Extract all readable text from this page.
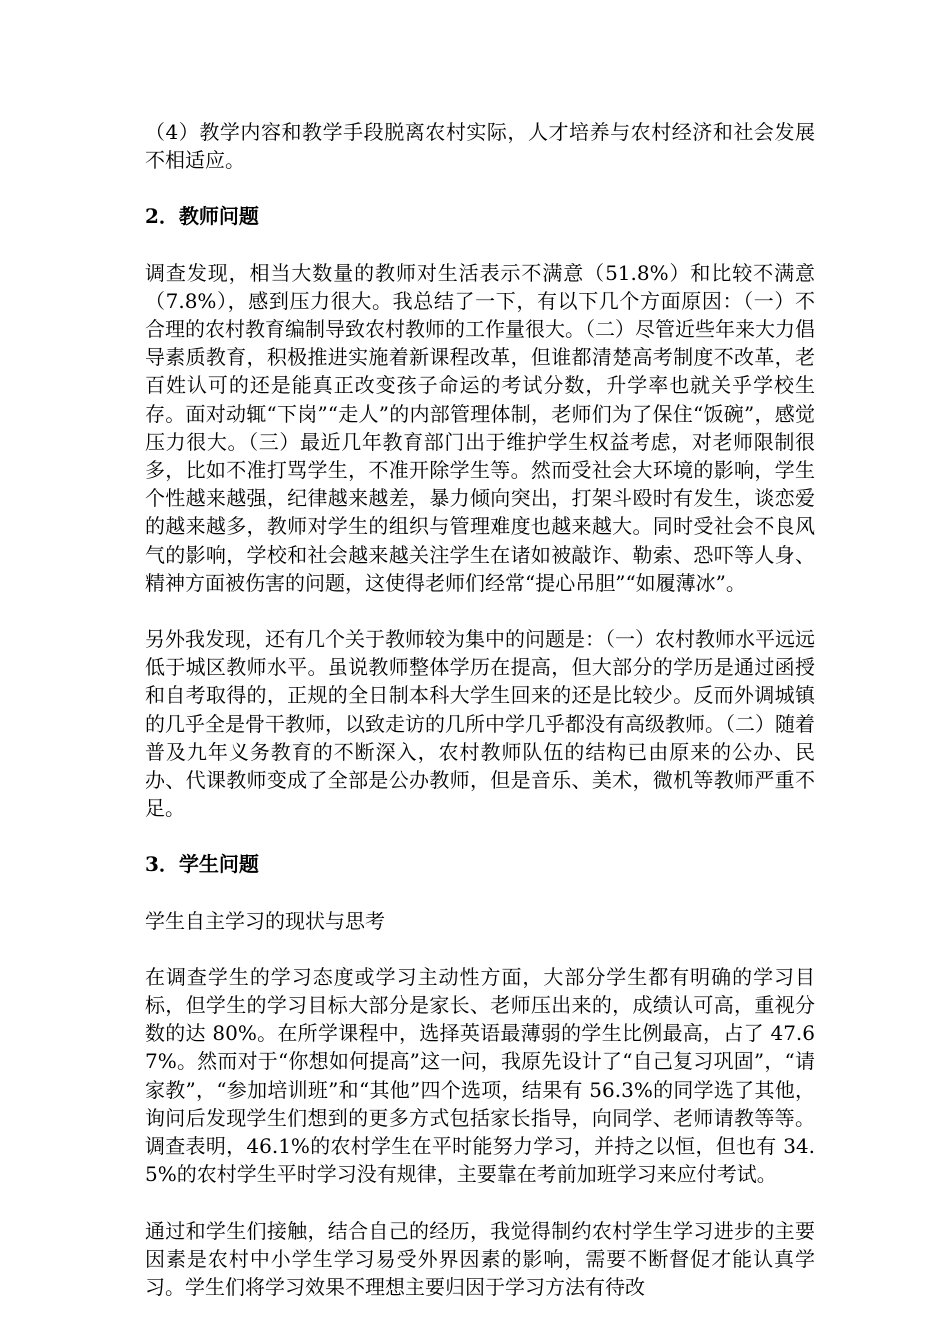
（4）教学内容和教学手段脱离农村实际，人才培养与农村经济和社会发展不相适应。

2．教师问题

调查发现，相当大数量的教师对生活表示不满意（51.8%）和比较不满意（7.8%），感到压力很大。我总结了一下，有以下几个方面原因：（一）不合理的农村教育编制导致农村教师的工作量很大。（二）尽管近些年来大力倡导素质教育，积极推进实施着新课程改革，但谁都清楚高考制度不改革，老百姓认可的还是能真正改变孩子命运的考试分数，升学率也就关乎学校生存。面对动辄“下岗”“走人”的内部管理体制，老师们为了保住“饭碗”，感觉压力很大。（三）最近几年教育部门出于维护学生权益考虑，对老师限制很多，比如不准打骂学生，不准开除学生等。然而受社会大环境的影响，学生个性越来越强，纪律越来越差，暴力倾向突出，打架斗殴时有发生，谈恋爱的越来越多，教师对学生的组织与管理难度也越来越大。同时受社会不良风气的影响，学校和社会越来越关注学生在诸如被敲诈、勒索、恐吓等人身、精神方面被伤害的问题，这使得老师们经常“提心吊胆”“如履薄冰”。

另外我发现，还有几个关于教师较为集中的问题是：（一）农村教师水平远远低于城区教师水平。虽说教师整体学历在提高，但大部分的学历是通过函授和自考取得的，正规的全日制本科大学生回来的还是比较少。反而外调城镇的几乎全是骨干教师，以致走访的几所中学几乎都没有高级教师。（二）随着普及九年义务教育的不断深入，农村教师队伍的结构已由原来的公办、民办、代课教师变成了全部是公办教师，但是音乐、美术，微机等教师严重不足。

3．学生问题

学生自主学习的现状与思考

在调查学生的学习态度或学习主动性方面，大部分学生都有明确的学习目标，但学生的学习目标大部分是家长、老师压出来的，成绩认可高，重视分数的达 80%。在所学课程中，选择英语最薄弱的学生比例最高，占了 47.67%。然而对于“你想如何提高”这一问，我原先设计了“自己复习巩固”，“请家教”，“参加培训班”和“其他”四个选项，结果有 56.3%的同学选了其他，询问后发现学生们想到的更多方式包括家长指导，向同学、老师请教等等。调查表明，46.1%的农村学生在平时能努力学习，并持之以恒，但也有 34.5%的农村学生平时学习没有规律，主要靠在考前加班学习来应付考试。

通过和学生们接触，结合自己的经历，我觉得制约农村学生学习进步的主要因素是农村中小学生学习易受外界因素的影响，需要不断督促才能认真学习。学生们将学习效果不理想主要归因于学习方法有待改
